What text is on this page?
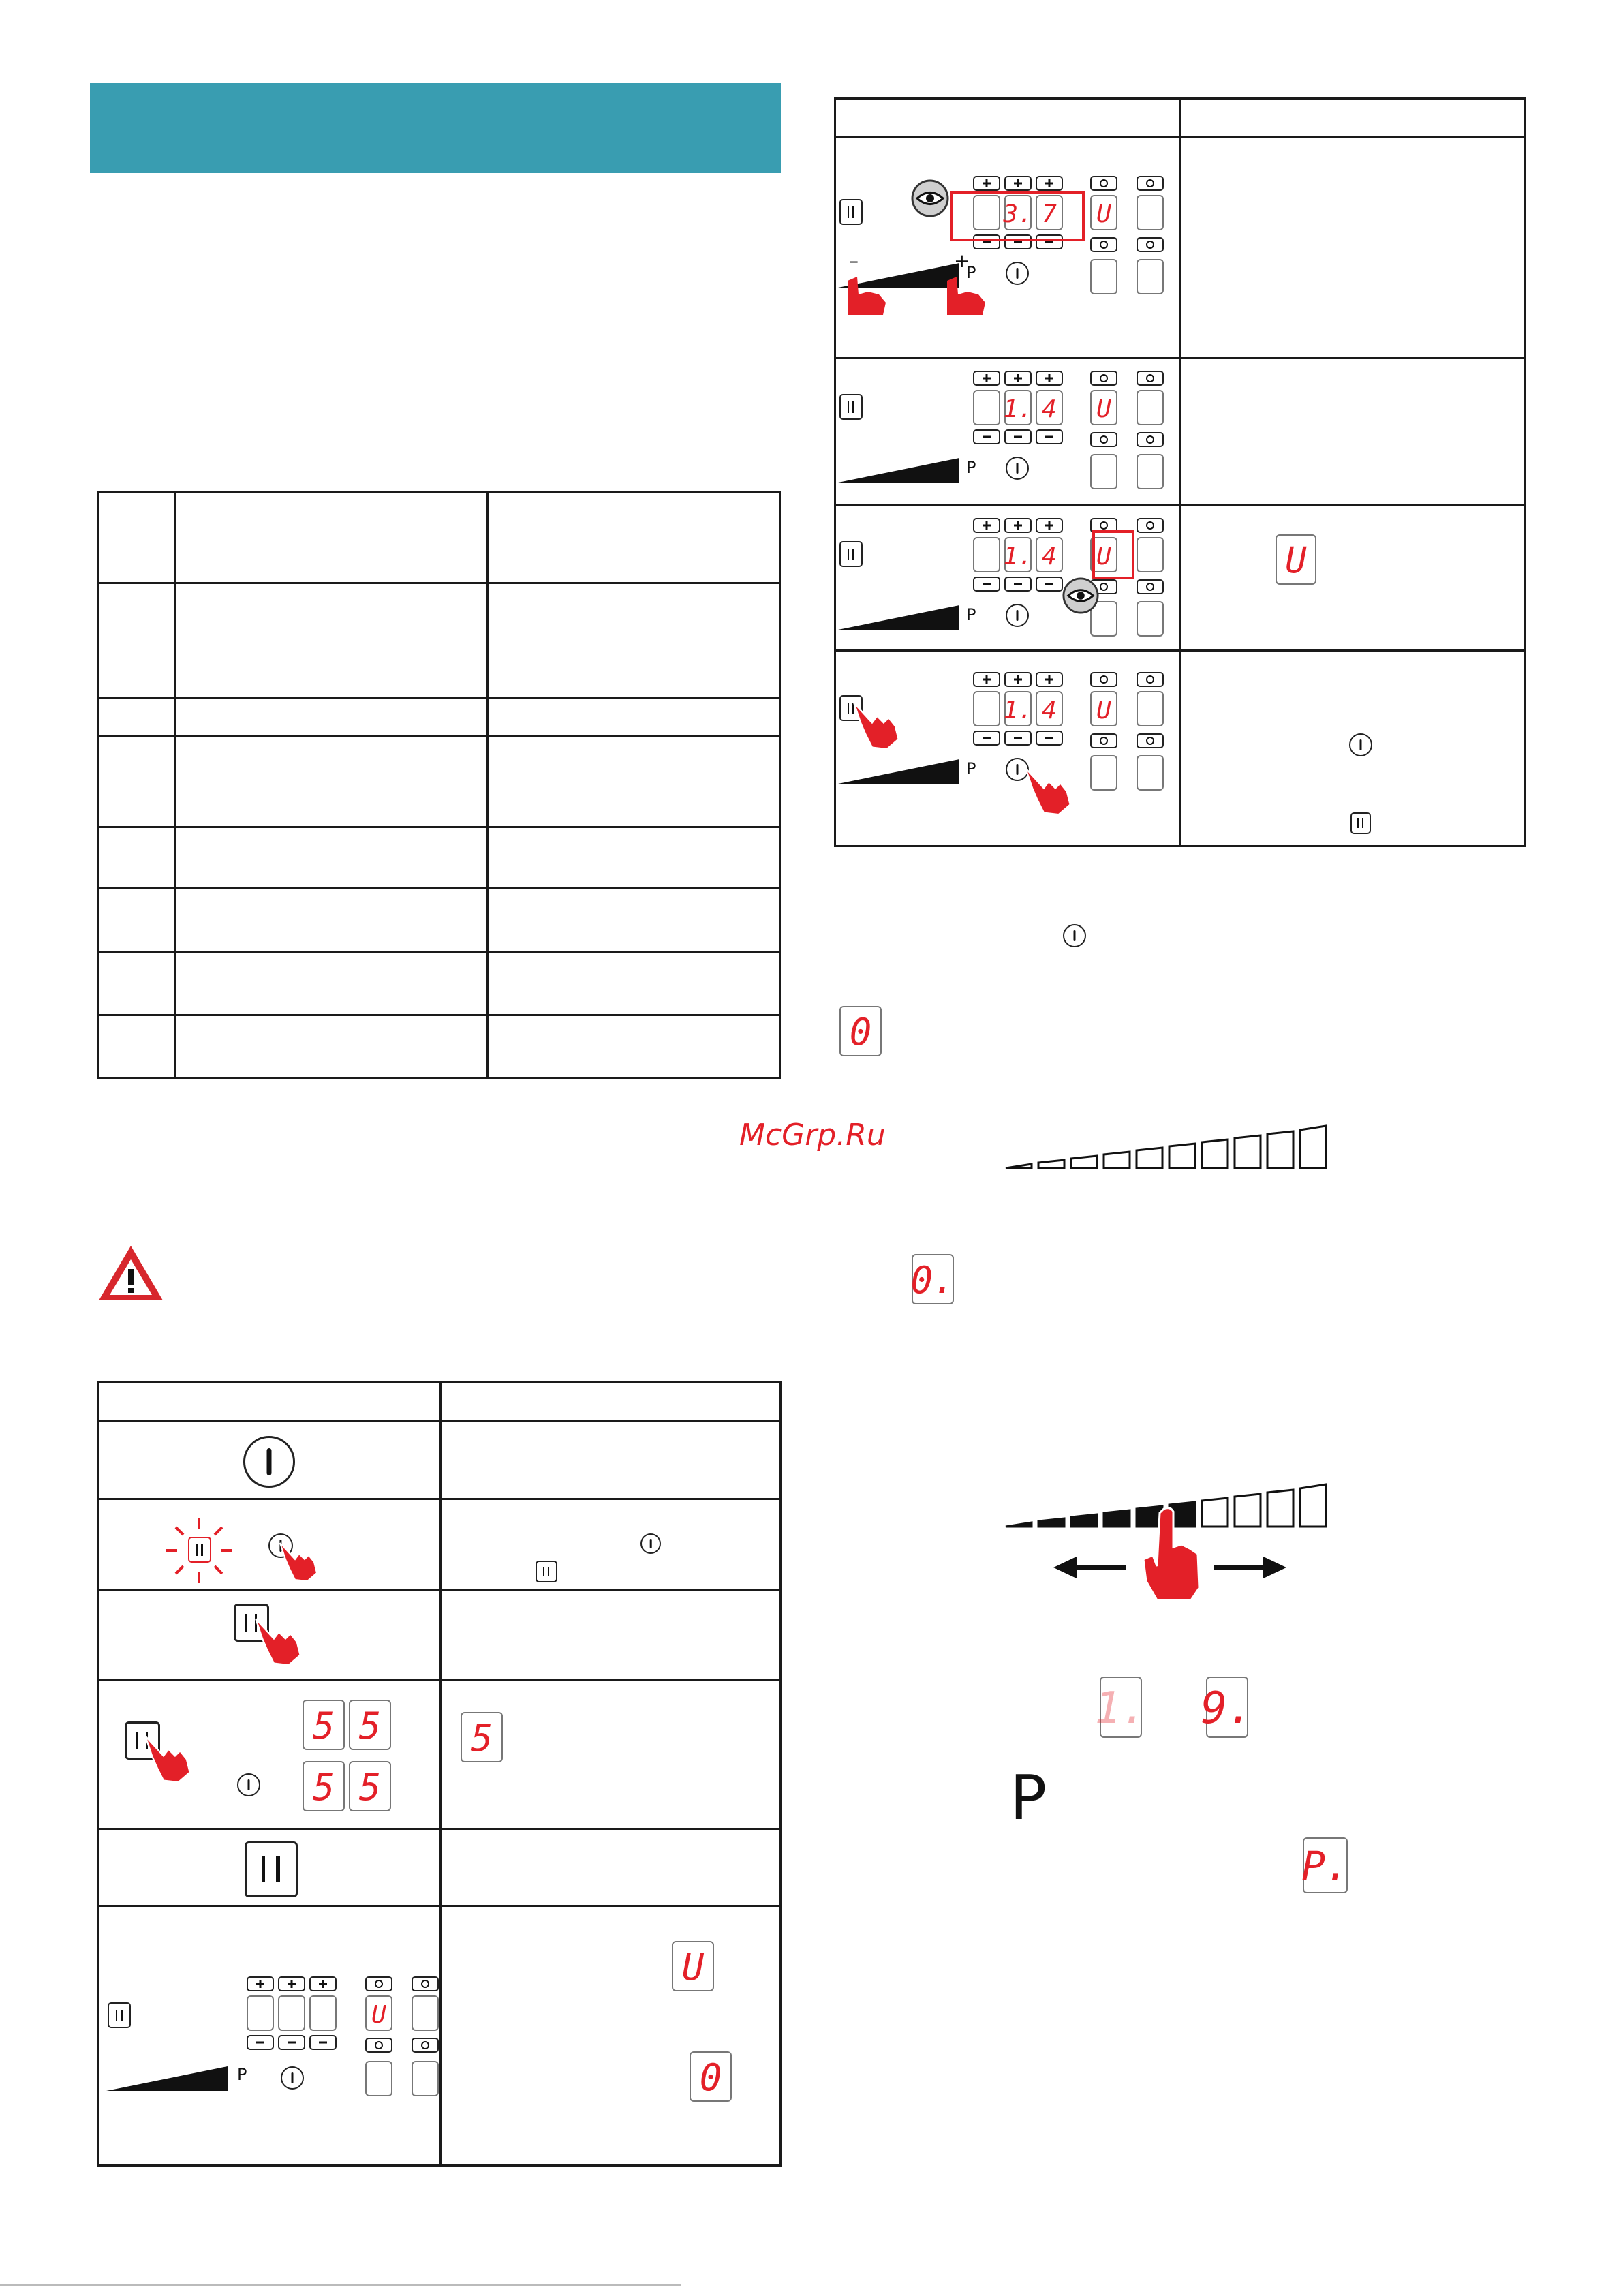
McGrp.Ru
5 5
5 5
5
P
U
U
0
P
3. 7 U
P
1. 4 U
P
1. 4 U
P
1. 4 U
–	+
U
0
0.
1. 9.
P
P.
